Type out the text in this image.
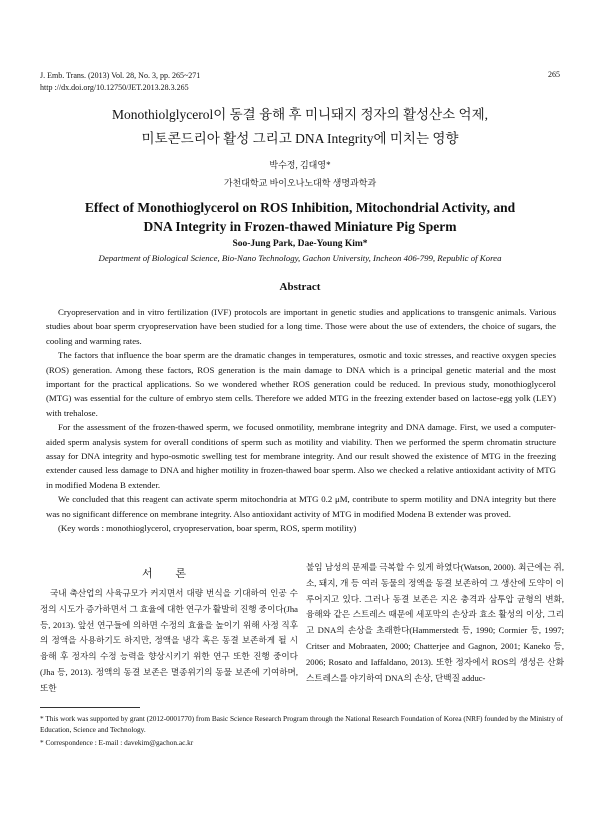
J. Emb. Trans. (2013) Vol. 28, No. 3, pp. 265~271
http ://dx.doi.org/10.12750/JET.2013.28.3.265
265
Monothiolglycerol이 동결 융해 후 미니돼지 정자의 활성산소 억제,
미토콘드리아 활성 그리고 DNA Integrity에 미치는 영향
박수정, 김대영*
가천대학교 바이오나노대학 생명과학과
Effect of Monothioglycerol on ROS Inhibition, Mitochondrial Activity, and
DNA Integrity in Frozen-thawed Miniature Pig Sperm
Soo-Jung Park, Dae-Young Kim*
Department of Biological Science, Bio-Nano Technology, Gachon University, Incheon 406-799, Republic of Korea
Abstract

Cryopreservation and in vitro fertilization (IVF) protocols are important in genetic studies and applications to transgenic animals. Various studies about boar sperm cryopreservation have been studied for a long time. Those were about the use of extenders, the choice of sugars, the cooling and warming rates.

The factors that influence the boar sperm are the dramatic changes in temperatures, osmotic and toxic stresses, and reactive oxygen species (ROS) generation. Among these factors, ROS generation is the main damage to DNA which is a principal genetic material and the most important for the practical applications. So we wondered whether ROS generation could be reduced. In previous study, monothioglycerol (MTG) was essential for the culture of embryo stem cells. Therefore we added MTG in the freezing extender based on lactose-egg yolk (LEY) with trehalose.

For the assessment of the frozen-thawed sperm, we focused onmotility, membrane integrity and DNA damage. First, we used a computer-aided sperm analysis system for overall conditions of sperm such as motility and viability. Then we performed the sperm chromatin structure assay for DNA integrity and hypo-osmotic swelling test for membrane integrity. And our result showed the existence of MTG in the freezing extender caused less damage to DNA and higher motility in frozen-thawed boar sperm. Also we checked a relative antioxidant activity of MTG in modified Modena B extender.

We concluded that this reagent can activate sperm mitochondria at MTG 0.2 μM, contribute to sperm motility and DNA integrity but there was no significant difference on membrane integrity. Also antioxidant activity of MTG in modified Modena B extender was proved.

(Key words : monothioglycerol, cryopreservation, boar sperm, ROS, sperm motility)

서 론

국내 축산업의 사육규모가 커지면서 대량 번식을 기대하여 인공 수정의 시도가 증가하면서 그 효율에 대한 연구가 활발히 진행 중이다(Jha 등, 2013). 앞선 연구들에 의하면 수정의 효율을 높이기 위해 사정 직후의 정액을 사용하기도 하지만, 정액을 냉각 혹은 동결 보존하게 될 시 융해 후 정자의 수정 능력을 향상시키기 위한 연구 또한 진행 중이다(Jha 등, 2013). 정액의 동결 보존은 멸종위기의 동물 보존에 기여하며, 또한

불임 남성의 문제를 극복할 수 있게 하였다(Watson, 2000). 최근에는 쥐, 소, 돼지, 개 등 여러 동물의 정액을 동결 보존하여 그 생산에 도약이 이루어지고 있다. 그러나 동결 보존은 지온 충격과 삼투압 균형의 변화, 융해와 같은 스트레스 때문에 세포막의 손상과 효소 활성의 이상, 그리고 DNA의 손상을 초래한다(Hammerstedt 등, 1990; Cormier 등, 1997; Critser and Mobraaten, 2000; Chatterjee and Gagnon, 2001; Kaneko 등, 2006; Rosato and Iaffaldano, 2013). 또한 정자에서 ROS의 생성은 산화 스트레스를 야기하여 DNA의 손상, 단백질 adduc-

* This work was supported by grant (2012-0001770) from Basic Science Research Program through the National Research Foundation of Korea (NRF) founded by the Ministry of Education, Science and Technology.
* Correspondence : E-mail : davekim@gachon.ac.kr
